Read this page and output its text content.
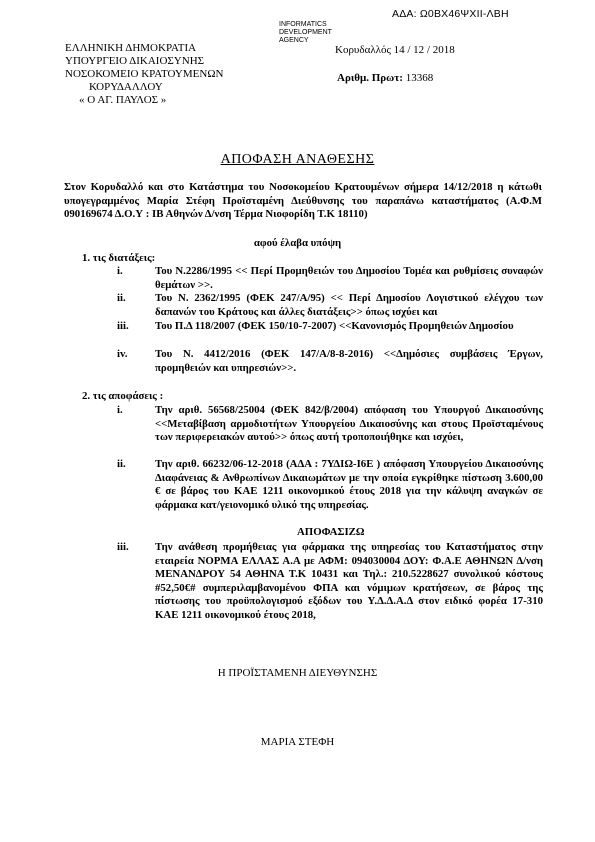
ΑΔΑ: Ω0ΒΧ46ΨΧΙΙ-ΛΒΗ
INFORMATICS
DEVELOPMENT
AGENCY
ΕΛΛΗΝΙΚΗ ΔΗΜΟΚΡΑΤΙΑ
ΥΠΟΥΡΓΕΙΟ ΔΙΚΑΙΟΣΥΝΗΣ
ΝΟΣΟΚΟΜΕΙΟ ΚΡΑΤΟΥΜΕΝΩΝ
ΚΟΡΥΔΑΛΛΟΥ
« Ο ΑΓ. ΠΑΥΛΟΣ »
Κορυδαλλός 14 / 12 / 2018
Αριθμ. Πρωτ: 13368
ΑΠΟΦΑΣΗ ΑΝΑΘΕΣΗΣ
Στον Κορυδαλλό και στο Κατάστημα του Νοσοκομείου Κρατουμένων σήμερα 14/12/2018 η κάτωθι υπογεγραμμένος Μαρία Στέφη Προϊσταμένη Διεύθυνσης του παραπάνω καταστήματος (Α.Φ.Μ 090169674 Δ.Ο.Υ : ΙΒ Αθηνών Δ/νση Τέρμα Νιοφορίδη Τ.Κ 18110)
αφού έλαβα υπόψη
1. τις διατάξεις:
i.	Του Ν.2286/1995 << Περί Προμηθειών του Δημοσίου Τομέα και ρυθμίσεις συναφών θεμάτων >>.
ii.	Του Ν. 2362/1995 (ΦΕΚ 247/Α/95) << Περί Δημοσίου Λογιστικού ελέγχου των δαπανών του Κράτους και άλλες διατάξεις>> όπως ισχύει και
iii.	Του Π.Δ 118/2007 (ΦΕΚ 150/10-7-2007) <<Κανονισμός Προμηθειών Δημοσίου
iv.	Του Ν. 4412/2016 (ΦΕΚ 147/Α/8-8-2016) <<Δημόσιες συμβάσεις Έργων, προμηθειών και υπηρεσιών>>.
2. τις αποφάσεις :
i.	Την αριθ. 56568/25004 (ΦΕΚ 842/β/2004) απόφαση του Υπουργού Δικαιοσύνης <<Μεταβίβαση αρμοδιοτήτων Υπουργείου Δικαιοσύνης και στους Προϊσταμένους των περιφερειακών αυτού>> όπως αυτή τροποποιήθηκε και ισχύει,
ii.	Την αριθ. 66232/06-12-2018 (ΑΔΑ : 7ΥΔΙΩ-Ι6Ε ) απόφαση Υπουργείου Δικαιοσύνης Διαφάνειας & Ανθρωπίνων Δικαιωμάτων με την οποία εγκρίθηκε πίστωση 3.600,00 € σε βάρος του ΚΑΕ 1211 οικονομικού έτους 2018 για την κάλυψη αναγκών σε φάρμακα κατ/γειονομικό υλικό της υπηρεσίας.
ΑΠΟΦΑΣΙΖΩ
iii.	Την ανάθεση προμήθειας για φάρμακα της υπηρεσίας του Καταστήματος στην εταιρεία ΝΟΡΜΑ ΕΛΛΑΣ Α.Α με ΑΦΜ: 094030004 ΔΟΥ: Φ.Α.Ε ΑΘΗΝΩΝ Δ/νση ΜΕΝΑΝΔΡΟΥ 54 ΑΘΗΝΑ Τ.Κ 10431 και Τηλ.: 210.5228627 συνολικού κόστους #52,50€# συμπεριλαμβανομένου ΦΠΑ και νόμιμων κρατήσεων, σε βάρος της πίστωσης του προϋπολογισμού εξόδων του Υ.Δ.Δ.Α.Δ στον ειδικό φορέα 17-310 ΚΑΕ 1211 οικονομικού έτους 2018,
Η ΠΡΟΪΣΤΑΜΕΝΗ ΔΙΕΥΘΥΝΣΗΣ
ΜΑΡΙΑ ΣΤΕΦΗ
